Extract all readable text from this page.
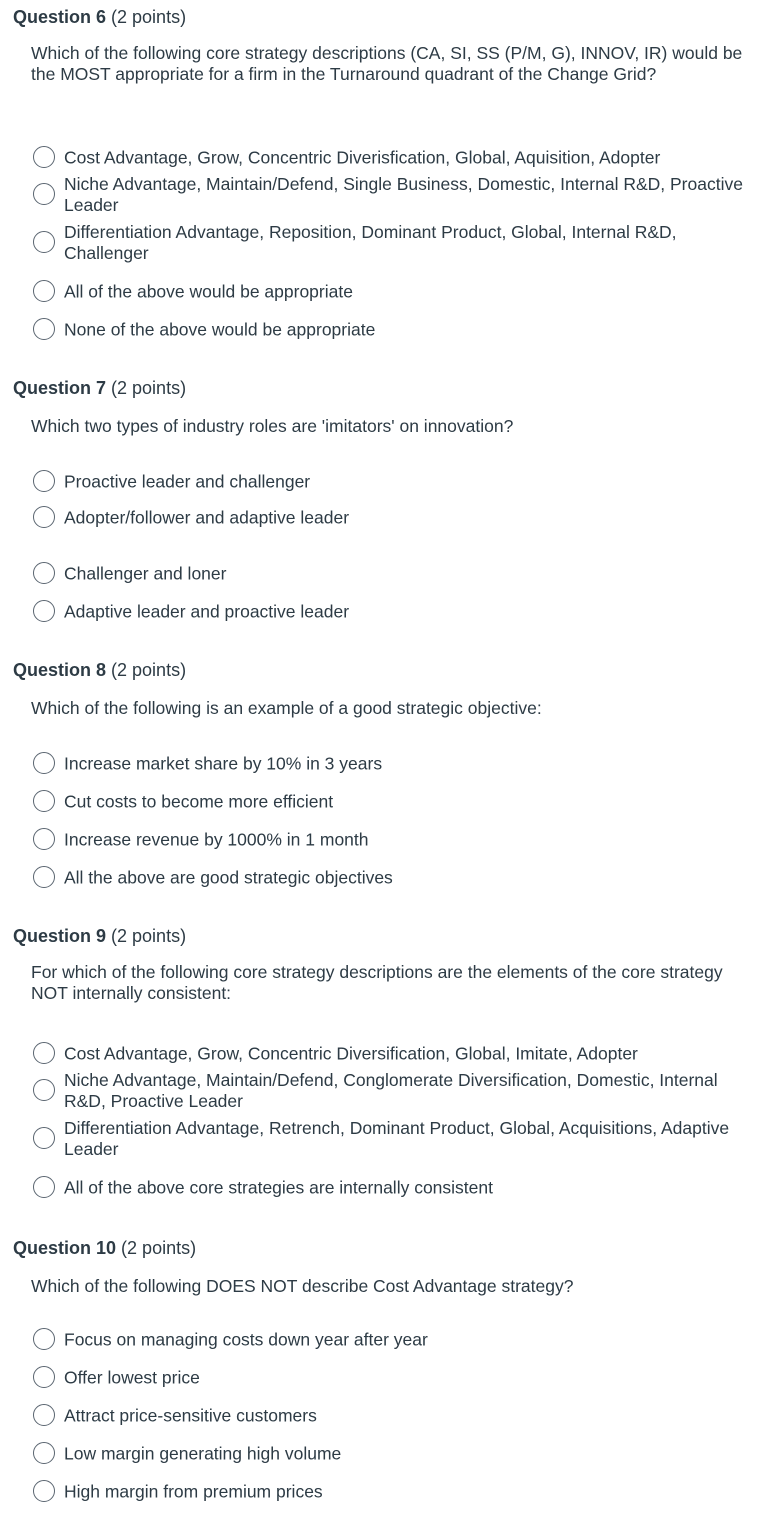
Question 6 (2 points)
Which of the following core strategy descriptions (CA, SI, SS (P/M, G), INNOV, IR) would be the MOST appropriate for a firm in the Turnaround quadrant of the Change Grid?
Cost Advantage, Grow, Concentric Diverisfication, Global, Aquisition, Adopter
Niche Advantage, Maintain/Defend, Single Business, Domestic, Internal R&D, Proactive Leader
Differentiation Advantage, Reposition, Dominant Product, Global, Internal R&D, Challenger
All of the above would be appropriate
None of the above would be appropriate
Question 7 (2 points)
Which two types of industry roles are 'imitators' on innovation?
Proactive leader and challenger
Adopter/follower and adaptive leader
Challenger and loner
Adaptive leader and proactive leader
Question 8 (2 points)
Which of the following is an example of a good strategic objective:
Increase market share by 10% in 3 years
Cut costs to become more efficient
Increase revenue by 1000% in 1 month
All the above are good strategic objectives
Question 9 (2 points)
For which of the following core strategy descriptions are the elements of the core strategy NOT internally consistent:
Cost Advantage, Grow, Concentric Diversification, Global, Imitate, Adopter
Niche Advantage, Maintain/Defend, Conglomerate Diversification, Domestic, Internal R&D, Proactive Leader
Differentiation Advantage, Retrench, Dominant Product, Global, Acquisitions, Adaptive Leader
All of the above core strategies are internally consistent
Question 10 (2 points)
Which of the following DOES NOT describe Cost Advantage strategy?
Focus on managing costs down year after year
Offer lowest price
Attract price-sensitive customers
Low margin generating high volume
High margin from premium prices
